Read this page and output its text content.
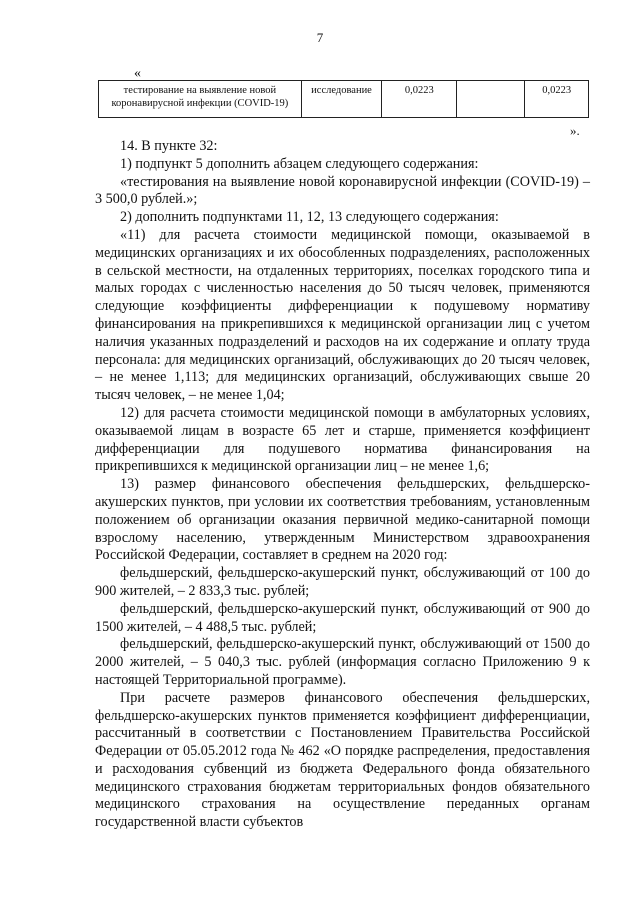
7
«
тестирование на выявление новой коронавирусной инфекции (COVID-19)	исследование	0,0223		0,0223
».

14. В пункте 32:

1) подпункт 5 дополнить абзацем следующего содержания:

«тестирования на выявление новой коронавирусной инфекции (COVID-19) – 3 500,0 рублей.»;

2) дополнить подпунктами 11, 12, 13 следующего содержания:

«11) для расчета стоимости медицинской помощи, оказываемой в медицинских организациях и их обособленных подразделениях, расположенных в сельской местности, на отдаленных территориях, поселках городского типа и малых городах с численностью населения до 50 тысяч человек, применяются следующие коэффициенты дифференциации к подушевому нормативу финансирования на прикрепившихся к медицинской организации лиц с учетом наличия указанных подразделений и расходов на их содержание и оплату труда персонала: для медицинских организаций, обслуживающих до 20 тысяч человек, – не менее 1,113; для медицинских организаций, обслуживающих свыше 20 тысяч человек, – не менее 1,04;

12) для расчета стоимости медицинской помощи в амбулаторных условиях, оказываемой лицам в возрасте 65 лет и старше, применяется коэффициент дифференциации для подушевого норматива финансирования на прикрепившихся к медицинской организации лиц – не менее 1,6;

13) размер финансового обеспечения фельдшерских, фельдшерско-акушерских пунктов, при условии их соответствия требованиям, установленным положением об организации оказания первичной медико-санитарной помощи взрослому населению, утвержденным Министерством здравоохранения Российской Федерации, составляет в среднем на 2020 год:

фельдшерский, фельдшерско-акушерский пункт, обслуживающий от 100 до 900 жителей, – 2 833,3 тыс. рублей;

фельдшерский, фельдшерско-акушерский пункт, обслуживающий от 900 до 1500 жителей, – 4 488,5 тыс. рублей;

фельдшерский, фельдшерско-акушерский пункт, обслуживающий от 1500 до 2000 жителей, – 5 040,3 тыс. рублей (информация согласно Приложению 9 к настоящей Территориальной программе).

При расчете размеров финансового обеспечения фельдшерских, фельдшерско-акушерских пунктов применяется коэффициент дифференциации, рассчитанный в соответствии с Постановлением Правительства Российской Федерации от 05.05.2012 года № 462 «О порядке распределения, предоставления и расходования субвенций из бюджета Федерального фонда обязательного медицинского страхования бюджетам территориальных фондов обязательного медицинского страхования на осуществление переданных органам государственной власти субъектов
